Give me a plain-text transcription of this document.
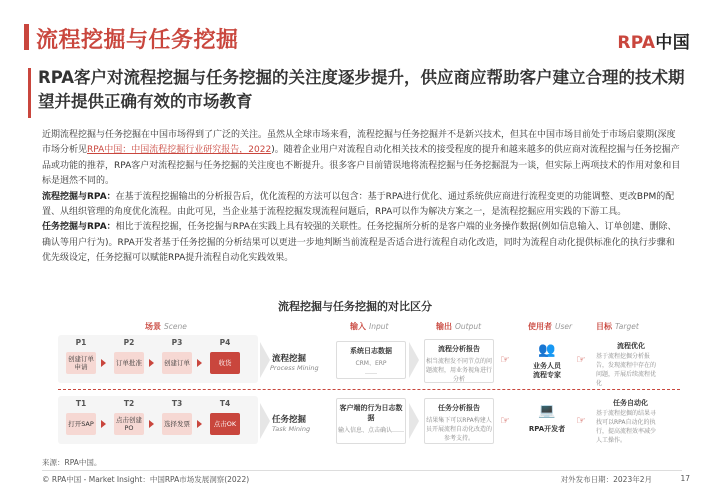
流程挖掘与任务挖掘	RPA中国
RPA客户对流程挖掘与任务挖掘的关注度逐步提升，供应商应帮助客户建立合理的技术期望并提供正确有效的市场教育

近期流程挖掘与任务挖掘在中国市场得到了广泛的关注。虽然从全球市场来看，流程挖掘与任务挖掘并不是新兴技术，但其在中国市场目前处于市场启蒙期(深度市场分析见RPA中国：中国流程挖掘行业研究报告，2022)。随着企业用户对流程自动化相关技术的接受程度的提升和越来越多的供应商对流程挖掘与任务挖掘产品或功能的推荐，RPA客户对流程挖掘与任务挖掘的关注度也不断提升。很多客户目前错误地将流程挖掘与任务挖掘混为一谈，但实际上两项技术的作用对象和目标是迥然不同的。

流程挖掘与RPA：在基于流程挖掘输出的分析报告后，优化流程的方法可以包含：基于RPA进行优化、通过系统供应商进行流程变更的功能调整、更改BPM的配置、从组织管理的角度优化流程。由此可见，当企业基于流程挖掘发现流程问题后，RPA可以作为解决方案之一，是流程挖掘应用实践的下游工具。

任务挖掘与RPA：相比于流程挖掘，任务挖掘与RPA在实践上具有较强的关联性。任务挖掘所分析的是客户端的业务操作数据(例如信息输入、订单创建、删除、确认等用户行为)。RPA开发者基于任务挖掘的分析结果可以更进一步地判断当前流程是否适合进行流程自动化改造，同时为流程自动化提供标准化的执行步骤和优先级设定，任务挖掘可以赋能RPA提升流程自动化实践效果。

流程挖掘与任务挖掘的对比区分
场景 Scene	输入 Input	输出 Output	使用者 User	目标 Target
P1	P2	P3	P4
创建订单申请	订单批准	创建订单	收货	流程挖掘
Process Mining
系统日志数据
CRM、ERP
……
流程分析报告
相当流程发不同节点的问题流程，用业务视角进行分析
☞
👥
业务人员
流程专家
☞
流程优化
基于流程挖掘分析报告，发现流程中存在的问题，开展后续流程优化
T1	T2	T3	T4
打开SAP	点击创建PO	选择发票	点击OK	任务挖掘
Task Mining
客户端的行为日志数据
输入信息、点击确认……
任务分析报告
结果集下可以RPA构建人员开展流程自动化改造的参考支持。
☞
💻
RPA开发者
☞
任务自动化
基于流程挖掘的结果寻找可以RPA自动化的执行，提高流程效率减少人工操作。
来源：RPA中国。
© RPA中国 - Market Insight：中国RPA市场发展洞察(2022)	对外发布日期：2023年2月	17
